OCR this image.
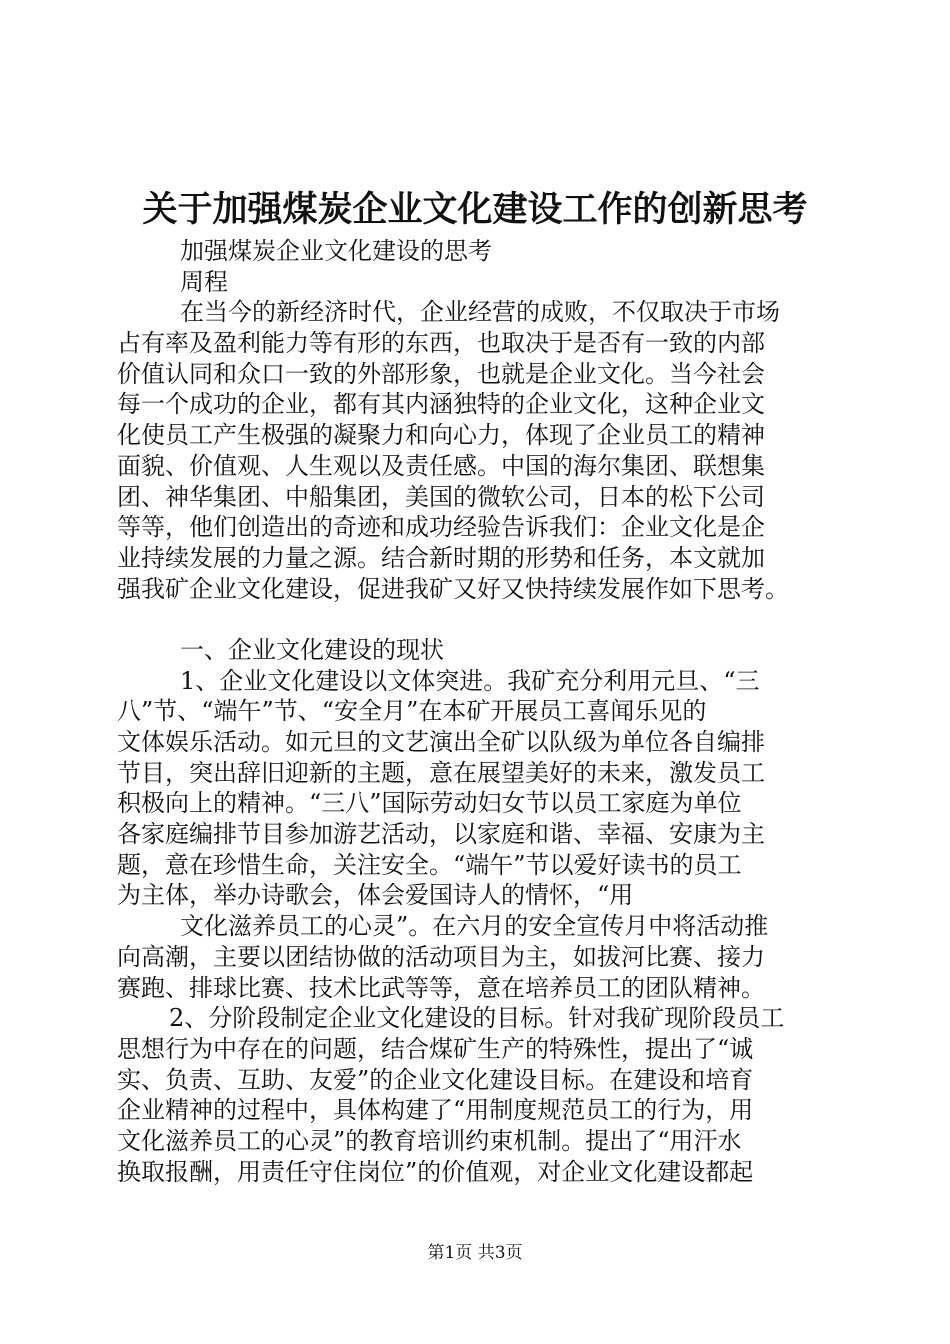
关于加强煤炭企业文化建设工作的创新思考
加强煤炭企业文化建设的思考
周程
在当今的新经济时代，企业经营的成败，不仅取决于市场
占有率及盈利能力等有形的东西，也取决于是否有一致的内部
价值认同和众口一致的外部形象，也就是企业文化。当今社会
每一个成功的企业，都有其内涵独特的企业文化，这种企业文
化使员工产生极强的凝聚力和向心力，体现了企业员工的精神
面貌、价值观、人生观以及责任感。中国的海尔集团、联想集
团、神华集团、中船集团，美国的微软公司，日本的松下公司
等等，他们创造出的奇迹和成功经验告诉我们：企业文化是企
业持续发展的力量之源。结合新时期的形势和任务，本文就加
强我矿企业文化建设，促进我矿又好又快持续发展作如下思考。
一、企业文化建设的现状
1、企业文化建设以文体突进。我矿充分利用元旦、“三
八”节、“端午”节、“安全月”在本矿开展员工喜闻乐见的
文体娱乐活动。如元旦的文艺演出全矿以队级为单位各自编排
节目，突出辞旧迎新的主题，意在展望美好的未来，激发员工
积极向上的精神。“三八”国际劳动妇女节以员工家庭为单位
各家庭编排节目参加游艺活动，以家庭和谐、幸福、安康为主
题，意在珍惜生命，关注安全。“端午”节以爱好读书的员工
为主体，举办诗歌会，体会爱国诗人的情怀，“用
文化滋养员工的心灵”。在六月的安全宣传月中将活动推
向高潮，主要以团结协做的活动项目为主，如拔河比赛、接力
赛跑、排球比赛、技术比武等等，意在培养员工的团队精神。
2、分阶段制定企业文化建设的目标。针对我矿现阶段员工
思想行为中存在的问题，结合煤矿生产的特殊性，提出了“诚
实、负责、互助、友爱”的企业文化建设目标。在建设和培育
企业精神的过程中，具体构建了“用制度规范员工的行为，用
文化滋养员工的心灵”的教育培训约束机制。提出了“用汗水
换取报酬，用责任守住岗位”的价值观，对企业文化建设都起
第1页 共3页
